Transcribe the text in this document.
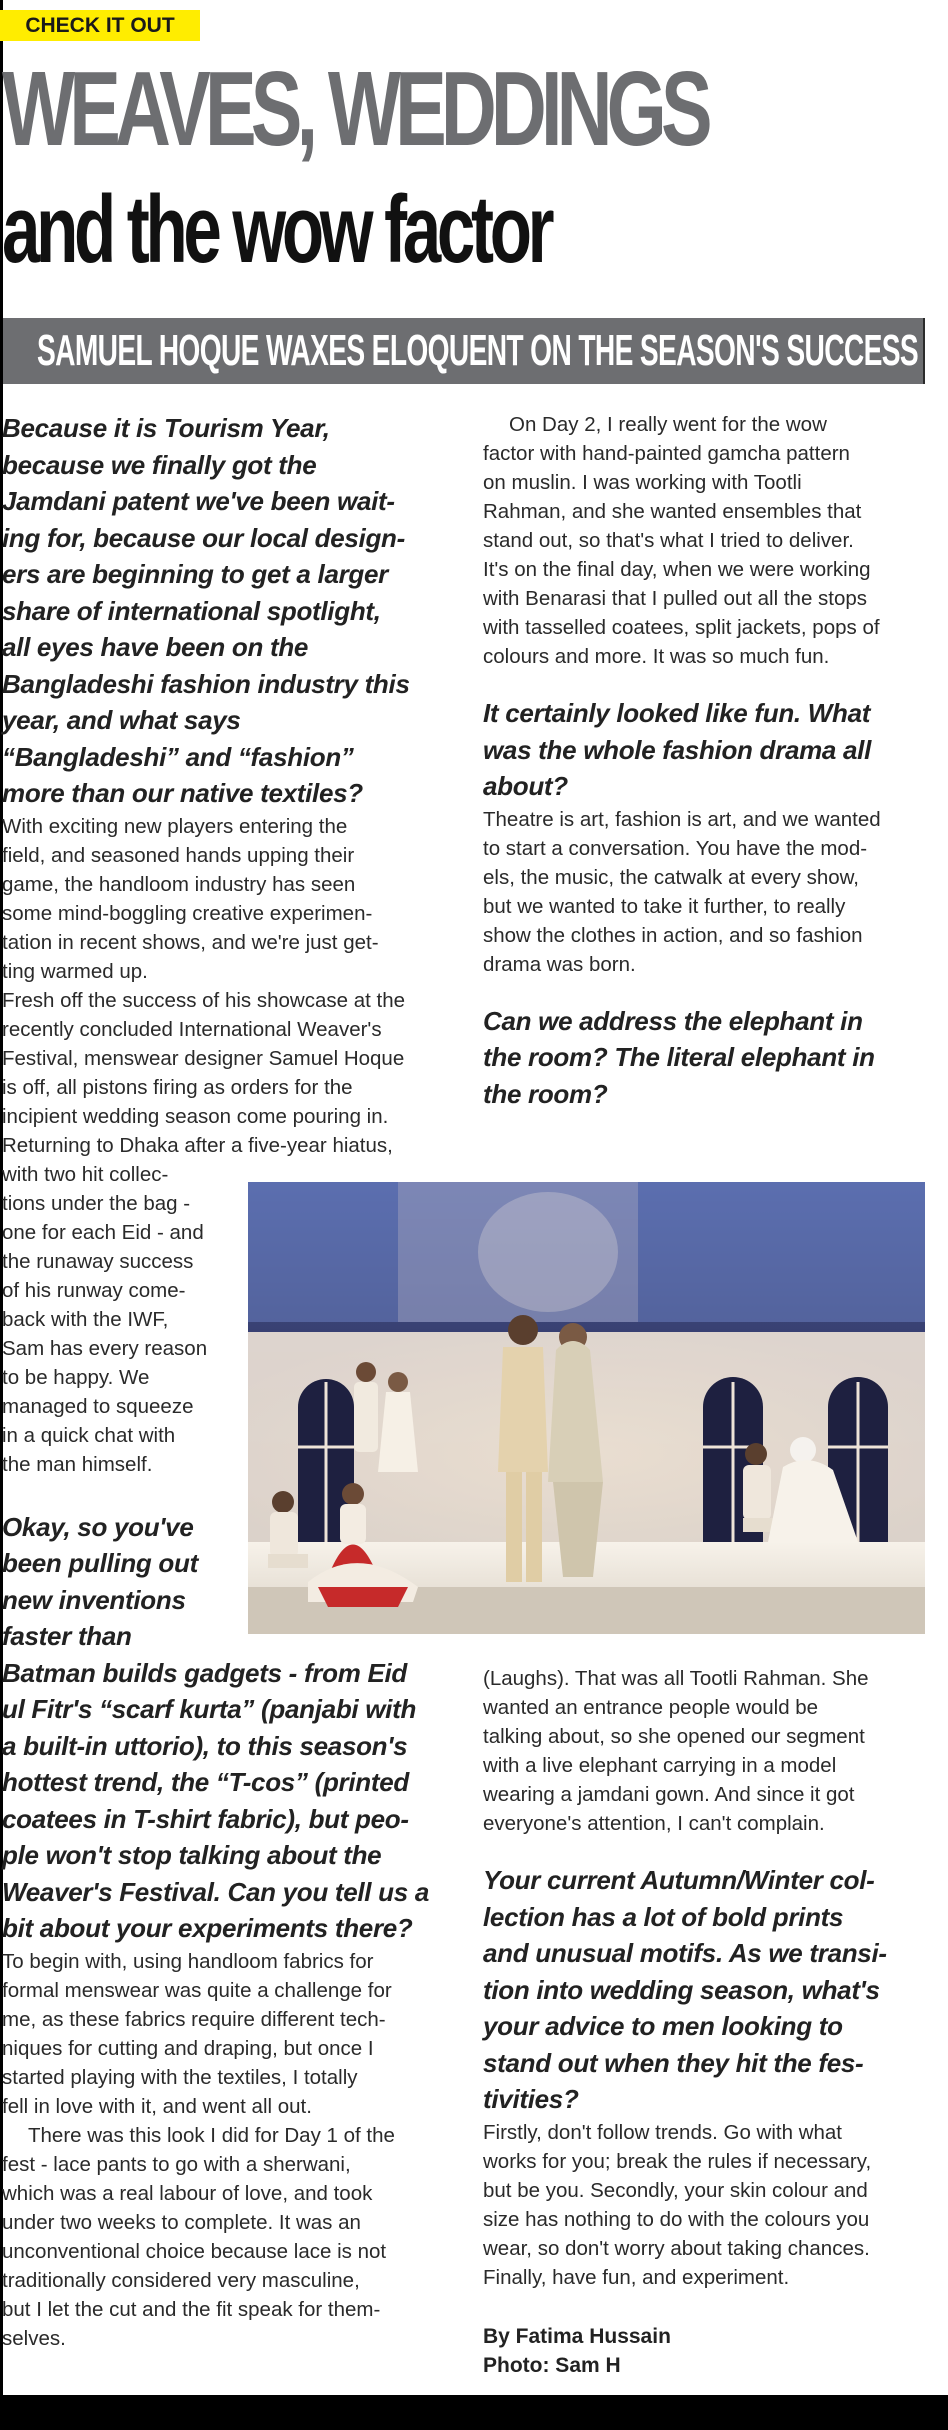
CHECK IT OUT
WEAVES, WEDDINGS
and the wow factor

SAMUEL HOQUE WAXES ELOQUENT ON THE SEASON'S SUCCESS

Because it is Tourism Year,
because we finally got the
Jamdani patent we've been wait-
ing for, because our local design-
ers are beginning to get a larger
share of international spotlight,
all eyes have been on the
Bangladeshi fashion industry this
year, and what says
“Bangladeshi” and “fashion”
more than our native textiles?
With exciting new players entering the
field, and seasoned hands upping their
game, the handloom industry has seen
some mind-boggling creative experimen-
tation in recent shows, and we're just get-
ting warmed up.
Fresh off the success of his showcase at the
recently concluded International Weaver's
Festival, menswear designer Samuel Hoque
is off, all pistons firing as orders for the
incipient wedding season come pouring in.
Returning to Dhaka after a five-year hiatus,
with two hit collec-
tions under the bag -
one for each Eid - and
the runaway success
of his runway come-
back with the IWF,
Sam has every reason
to be happy. We
managed to squeeze
in a quick chat with
the man himself.
Okay, so you've
been pulling out
new inventions
faster than
Batman builds gadgets - from Eid
ul Fitr's “scarf kurta” (panjabi with
a built-in uttorio), to this season's
hottest trend, the “T-cos” (printed
coatees in T-shirt fabric), but peo-
ple won't stop talking about the
Weaver's Festival. Can you tell us a
bit about your experiments there?
To begin with, using handloom fabrics for
formal menswear was quite a challenge for
me, as these fabrics require different tech-
niques for cutting and draping, but once I
started playing with the textiles, I totally
fell in love with it, and went all out.
There was this look I did for Day 1 of the
fest - lace pants to go with a sherwani,
which was a real labour of love, and took
under two weeks to complete. It was an
unconventional choice because lace is not
traditionally considered very masculine,
but I let the cut and the fit speak for them-
selves.
On Day 2, I really went for the wow
factor with hand-painted gamcha pattern
on muslin. I was working with Tootli
Rahman, and she wanted ensembles that
stand out, so that's what I tried to deliver.
It's on the final day, when we were working
with Benarasi that I pulled out all the stops
with tasselled coatees, split jackets, pops of
colours and more. It was so much fun.
It certainly looked like fun. What
was the whole fashion drama all
about?
Theatre is art, fashion is art, and we wanted
to start a conversation. You have the mod-
els, the music, the catwalk at every show,
but we wanted to take it further, to really
show the clothes in action, and so fashion
drama was born.
Can we address the elephant in
the room? The literal elephant in
the room?
(Laughs). That was all Tootli Rahman. She
wanted an entrance people would be
talking about, so she opened our segment
with a live elephant carrying in a model
wearing a jamdani gown. And since it got
everyone's attention, I can't complain.
Your current Autumn/Winter col-
lection has a lot of bold prints
and unusual motifs. As we transi-
tion into wedding season, what's
your advice to men looking to
stand out when they hit the fes-
tivities?
Firstly, don't follow trends. Go with what
works for you; break the rules if necessary,
but be you. Secondly, your skin colour and
size has nothing to do with the colours you
wear, so don't worry about taking chances.
Finally, have fun, and experiment.

By Fatima Hussain

Photo: Sam H
